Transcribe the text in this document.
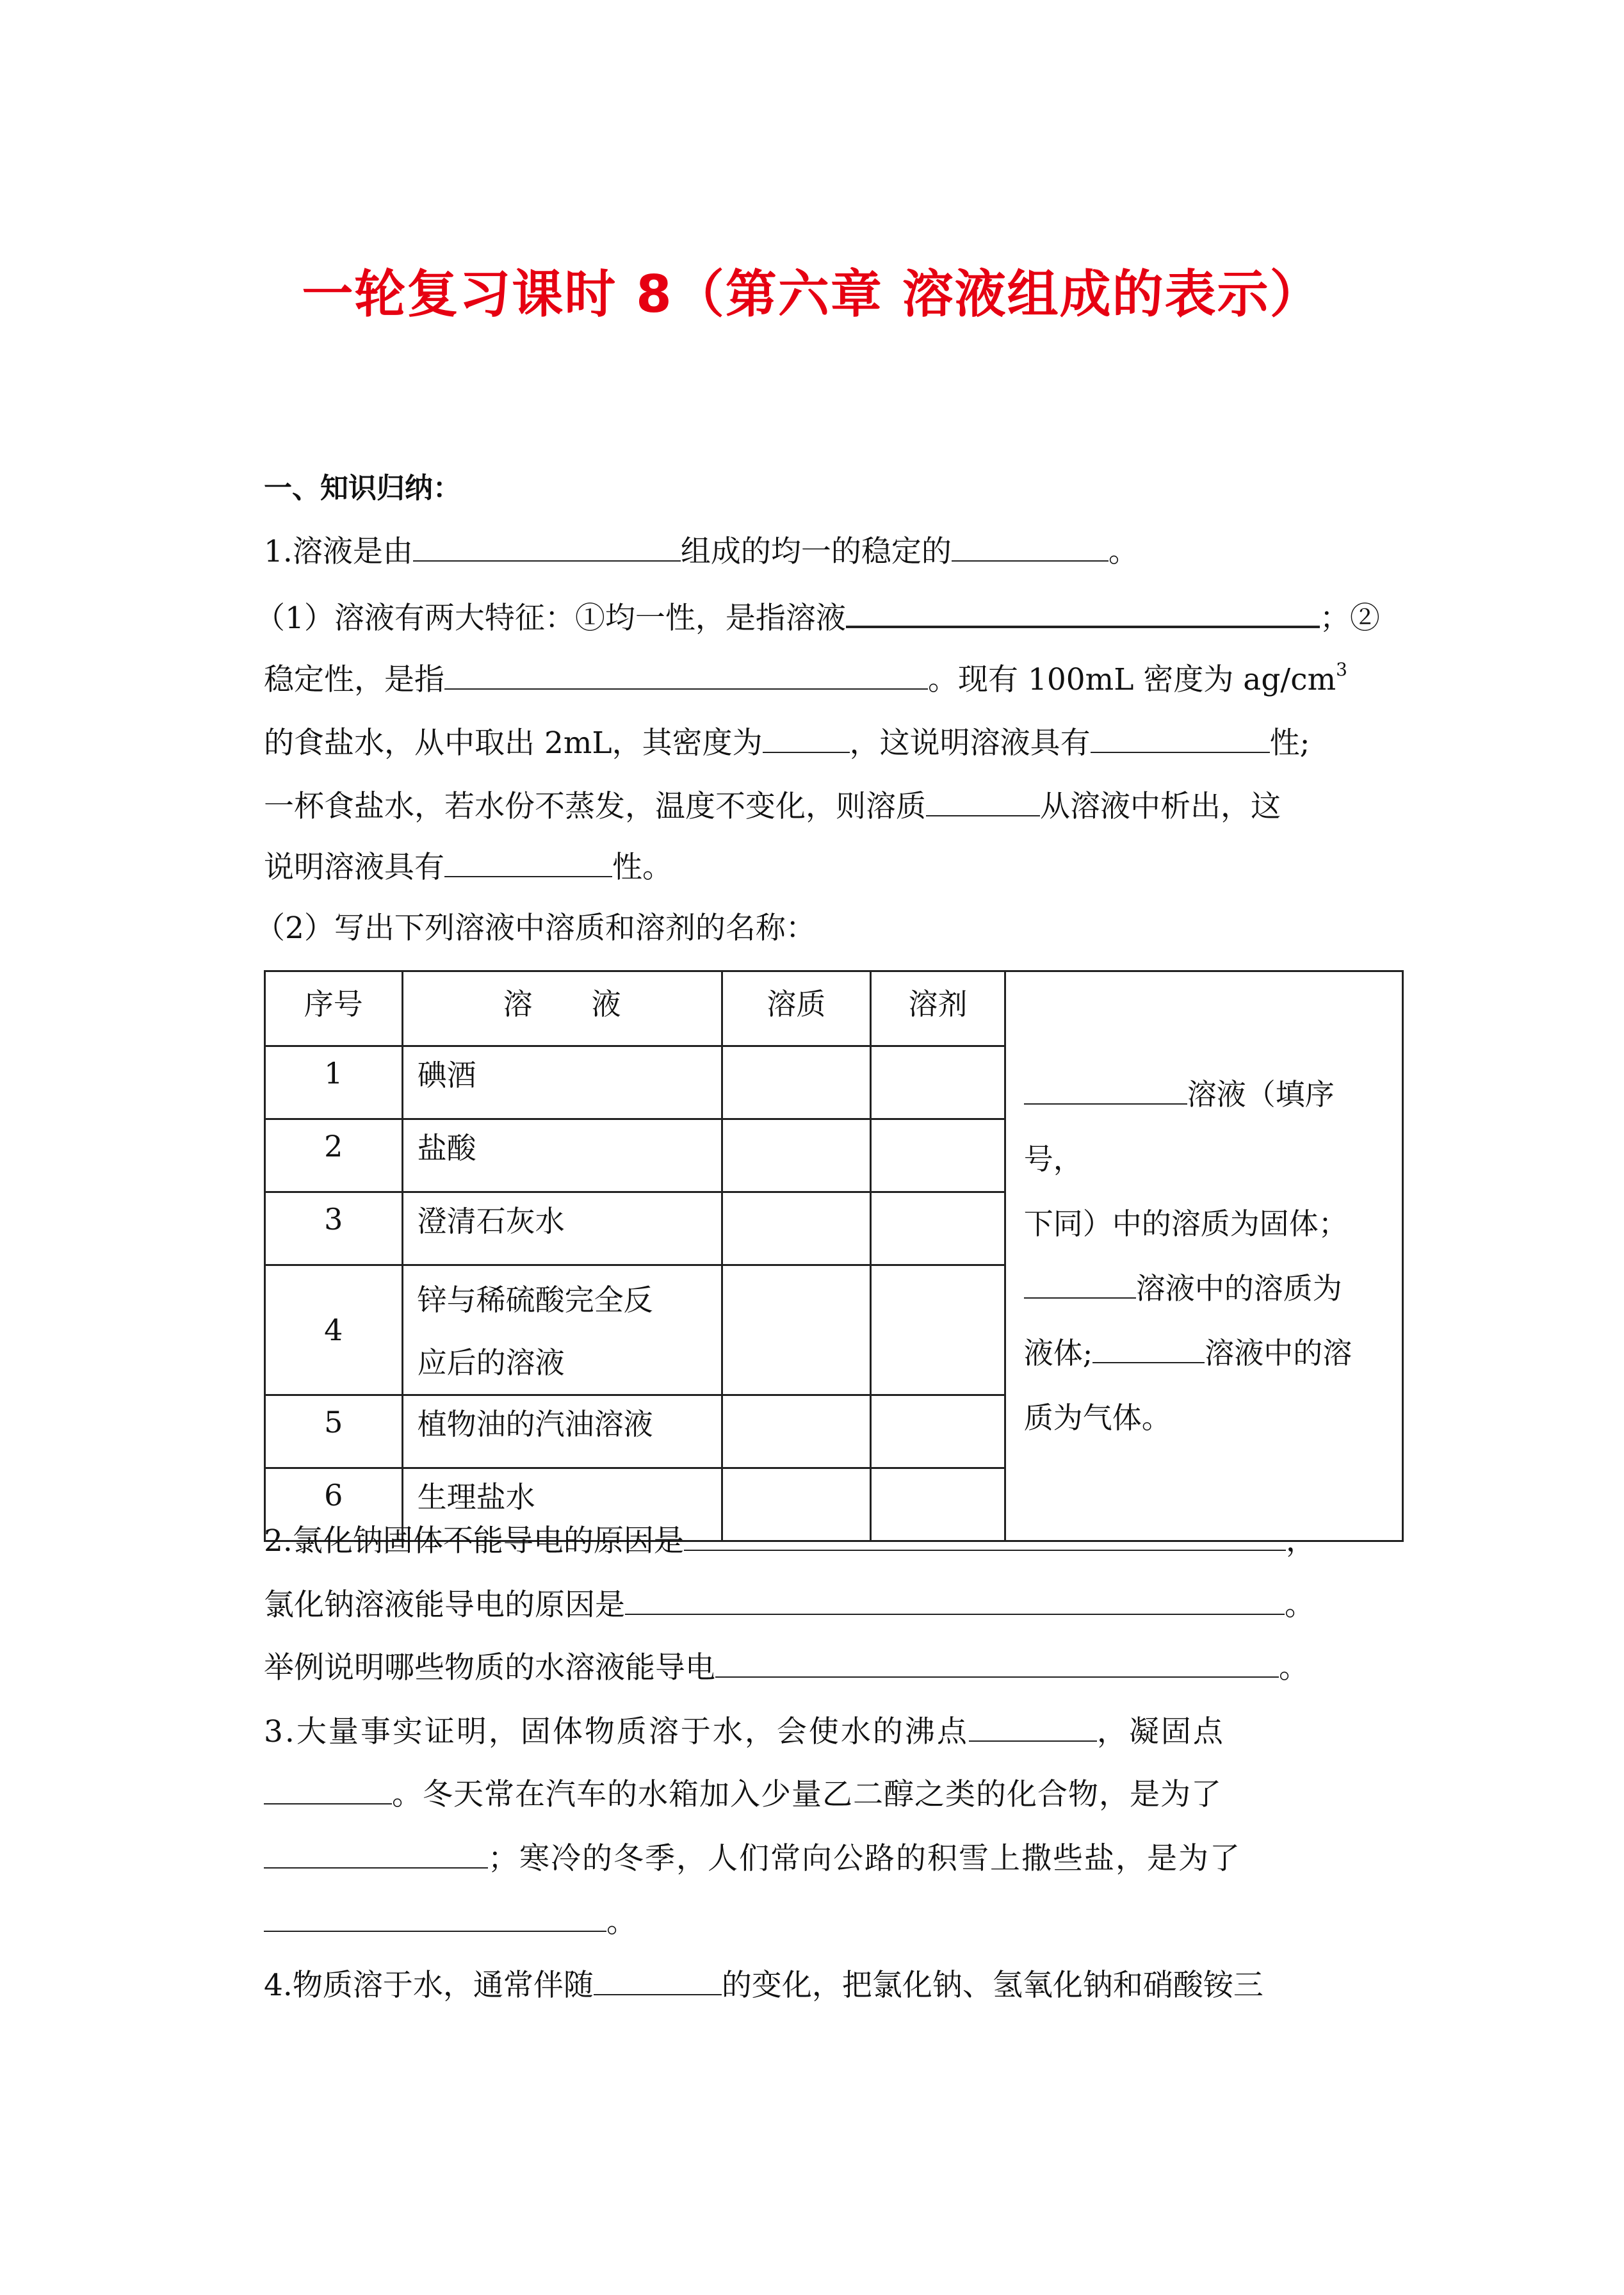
一轮复习课时 8（第六章 溶液组成的表示）
一、知识归纳：
1.溶液是由	组成的均一的稳定的	。
（1）溶液有两大特征：①均一性，是指溶液	；②
稳定性，是指	。现有 100mL 密度为 $ag/cm^3$
的食盐水，从中取出 2mL，其密度为	，这说明溶液具有	性;
一杯食盐水，若水份不蒸发，温度不变化，则溶质	从溶液中析出，这
说明溶液具有	性。
（2）写出下列溶液中溶质和溶剂的名称：
序号	溶　　液	溶质	溶剂	溶液（填序号，
下同）中的溶质为固体；
溶液中的溶质为
液体; 溶液中的溶
质为气体。

1	碘酒			
2	盐酸			
3	澄清石灰水			
4	锌与稀硫酸完全反
应后的溶液			

5	植物油的汽油溶液			
6	生理盐水			
2.氯化钠固体不能导电的原因是	，
氯化钠溶液能导电的原因是	。
举例说明哪些物质的水溶液能导电	。
3.大量事实证明，固体物质溶于水，会使水的沸点	，凝固点
。冬天常在汽车的水箱加入少量乙二醇之类的化合物，是为了
；寒冷的冬季，人们常向公路的积雪上撒些盐，是为了
。
4.物质溶于水，通常伴随	的变化，把氯化钠、氢氧化钠和硝酸铵三
